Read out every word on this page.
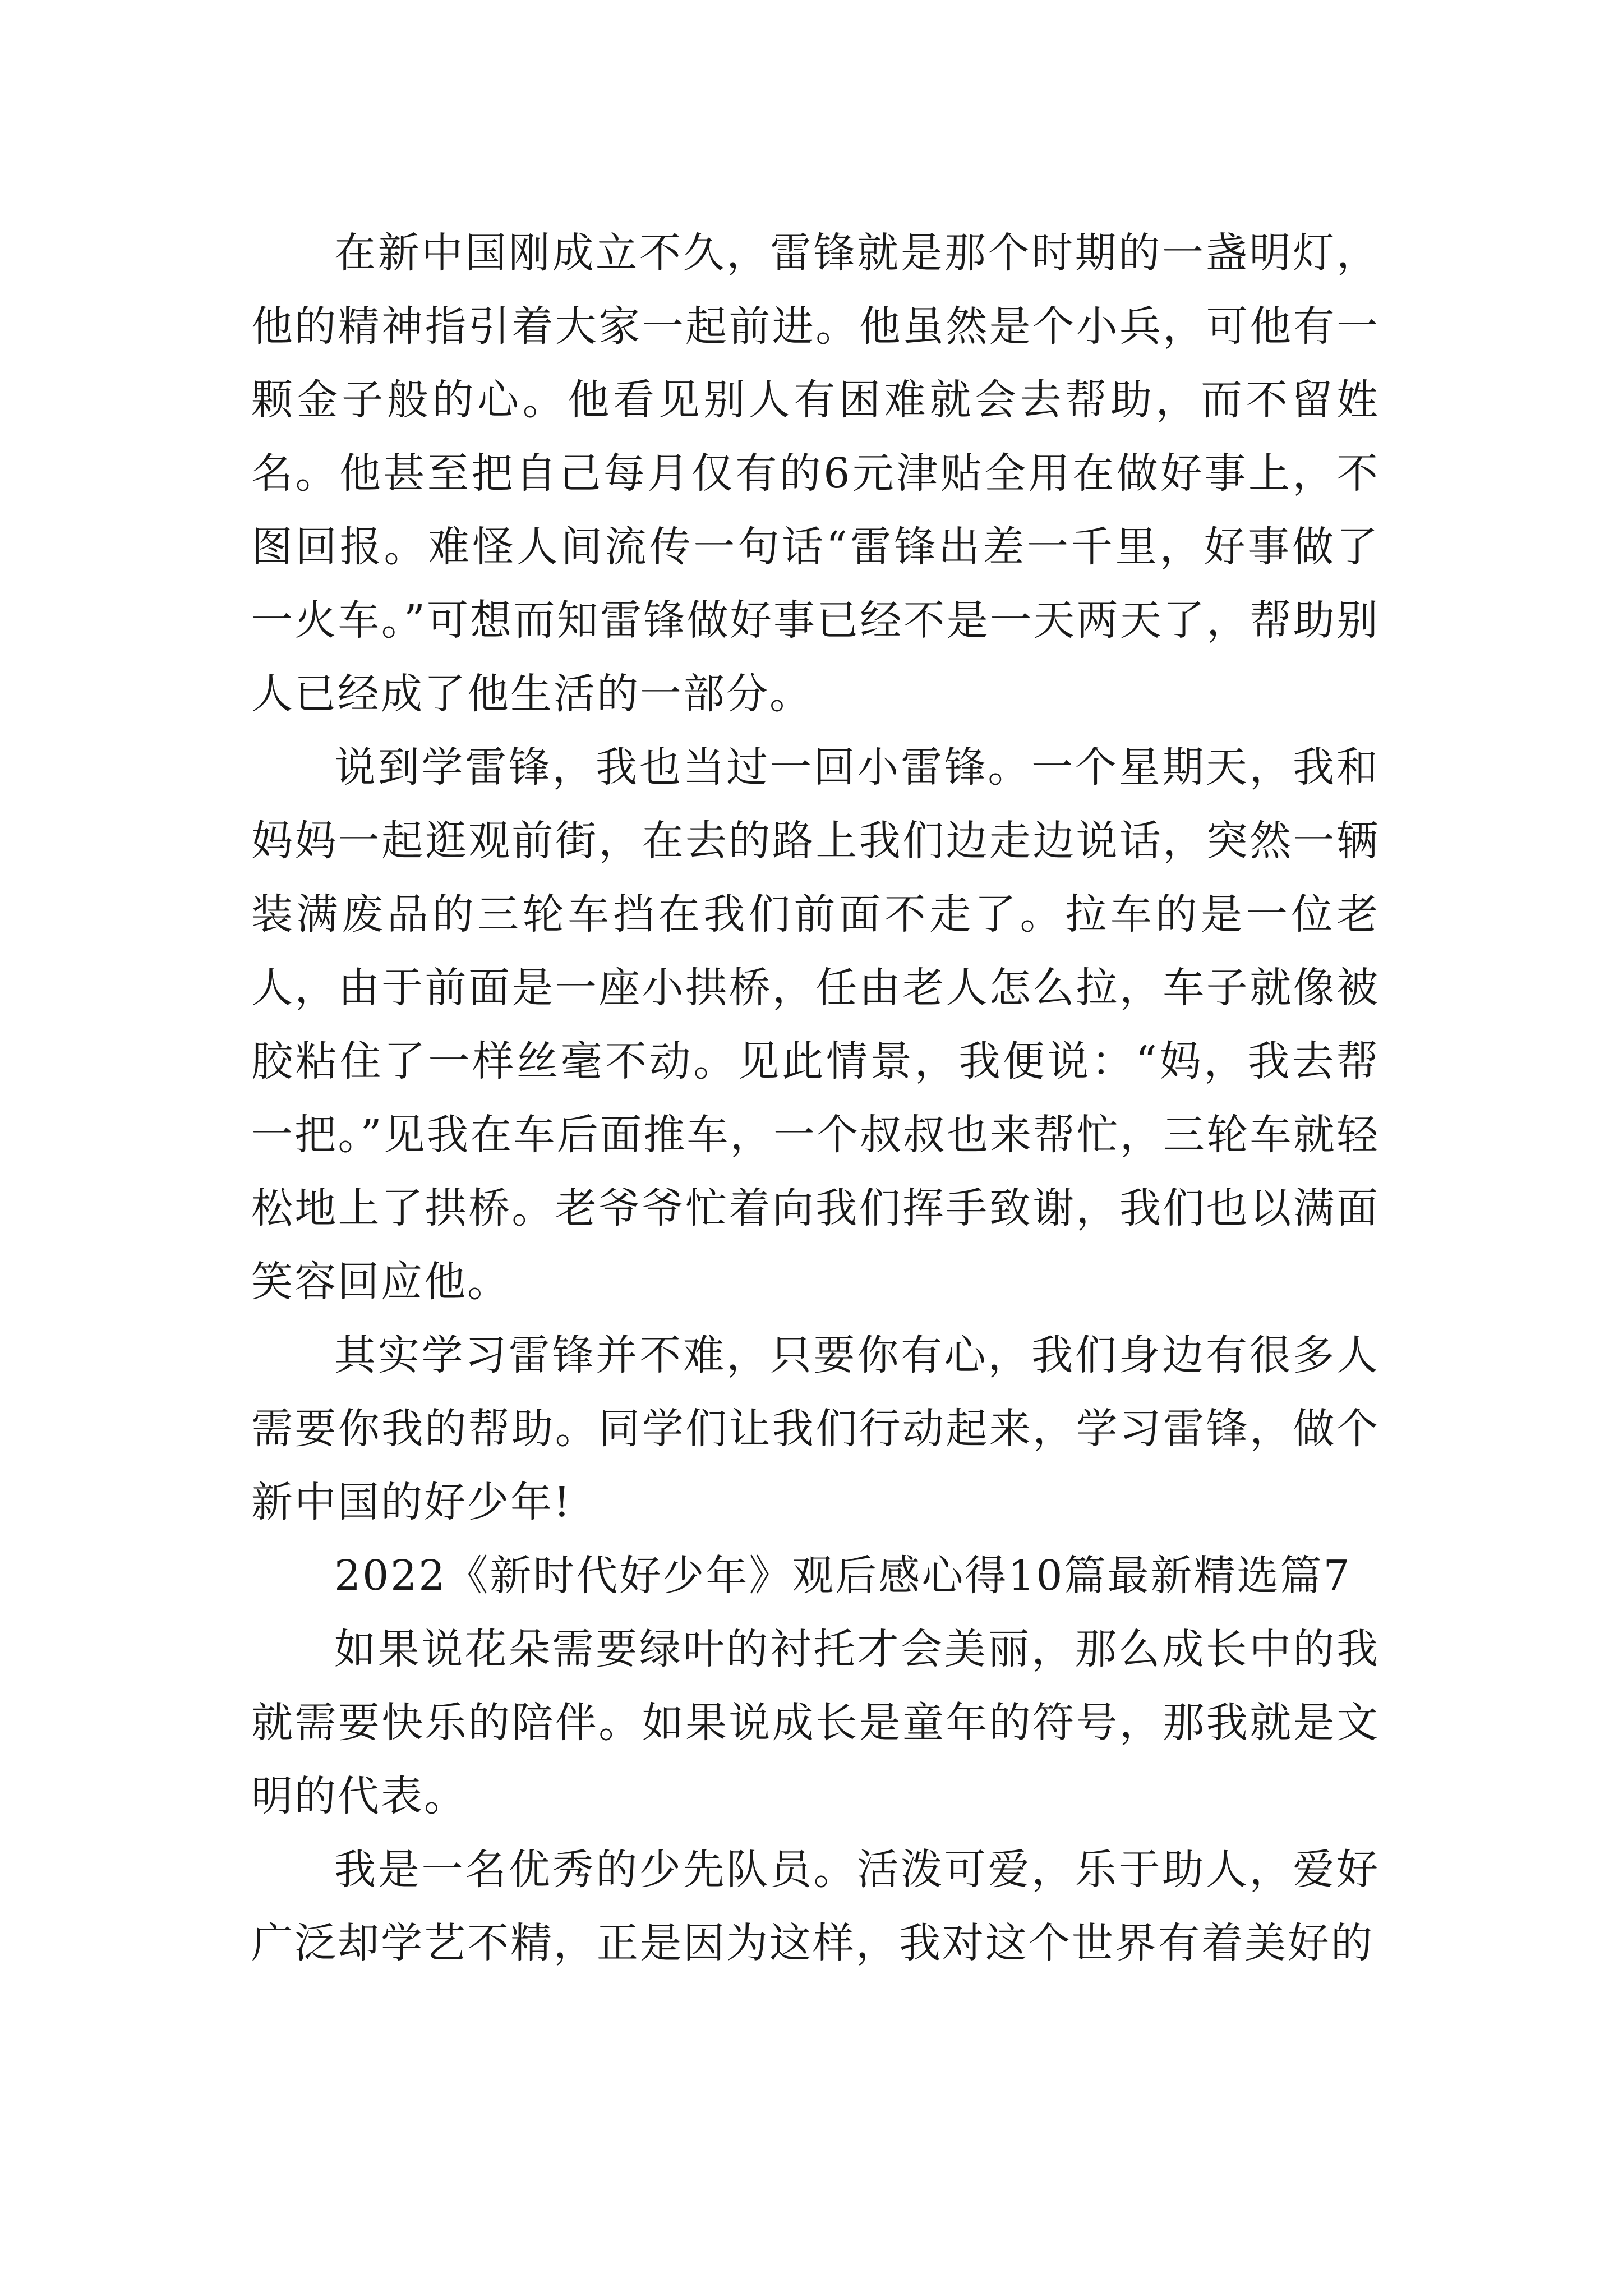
在新中国刚成立不久，雷锋就是那个时期的一盏明灯，他的精神指引着大家一起前进。他虽然是个小兵，可他有一颗金子般的心。他看见别人有困难就会去帮助，而不留姓名。他甚至把自己每月仅有的6元津贴全用在做好事上，不图回报。难怪人间流传一句话“雷锋出差一千里，好事做了一火车。”可想而知雷锋做好事已经不是一天两天了，帮助别人已经成了他生活的一部分。

说到学雷锋，我也当过一回小雷锋。一个星期天，我和妈妈一起逛观前街，在去的路上我们边走边说话，突然一辆装满废品的三轮车挡在我们前面不走了。拉车的是一位老人，由于前面是一座小拱桥，任由老人怎么拉，车子就像被胶粘住了一样丝毫不动。见此情景，我便说：“妈，我去帮一把。”见我在车后面推车，一个叔叔也来帮忙，三轮车就轻松地上了拱桥。老爷爷忙着向我们挥手致谢，我们也以满面笑容回应他。

其实学习雷锋并不难，只要你有心，我们身边有很多人需要你我的帮助。同学们让我们行动起来，学习雷锋，做个新中国的好少年!

2022《新时代好少年》观后感心得10篇最新精选篇7

如果说花朵需要绿叶的衬托才会美丽，那么成长中的我就需要快乐的陪伴。如果说成长是童年的符号，那我就是文明的代表。

我是一名优秀的少先队员。活泼可爱，乐于助人，爱好广泛却学艺不精，正是因为这样，我对这个世界有着美好的
